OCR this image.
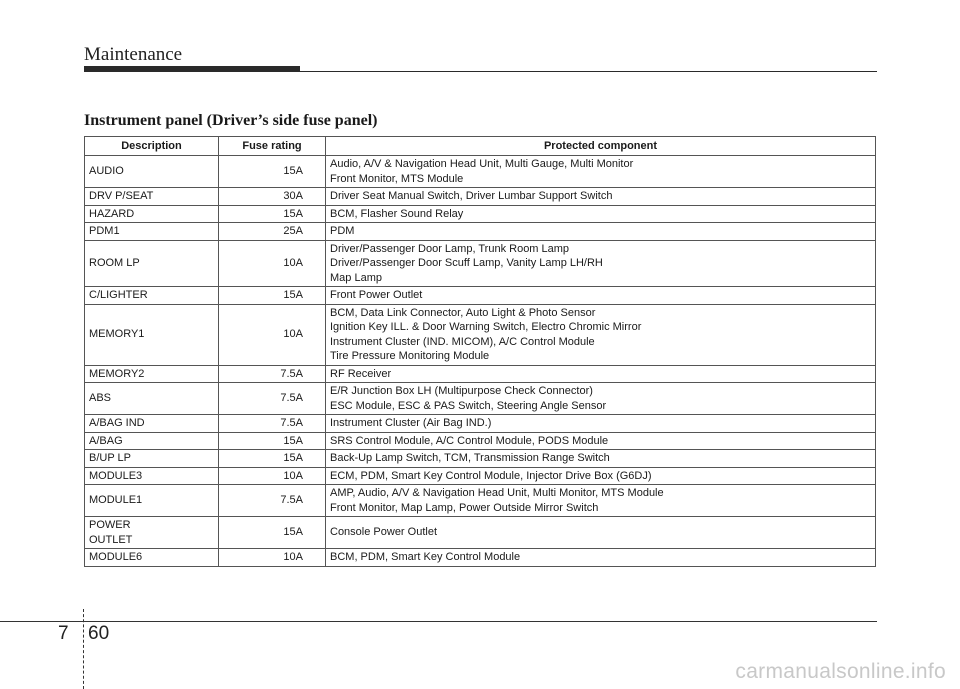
Maintenance
Instrument panel (Driver’s side fuse panel)
Description	Fuse rating	Protected component

AUDIO	15A	Audio, A/V & Navigation Head Unit, Multi Gauge, Multi Monitor
Front Monitor, MTS Module

DRV P/SEAT	30A	Driver Seat Manual Switch, Driver Lumbar Support Switch

HAZARD	15A	BCM, Flasher Sound Relay

PDM1	25A	PDM

ROOM LP	10A	Driver/Passenger Door Lamp, Trunk Room Lamp
Driver/Passenger Door Scuff Lamp, Vanity Lamp LH/RH
Map Lamp

C/LIGHTER	15A	Front Power Outlet

MEMORY1	10A	BCM, Data Link Connector, Auto Light & Photo Sensor
Ignition Key ILL. & Door Warning Switch, Electro Chromic Mirror
Instrument Cluster (IND. MICOM), A/C Control Module
Tire Pressure Monitoring Module

MEMORY2	7.5A	RF Receiver

ABS	7.5A	E/R Junction Box LH (Multipurpose Check Connector)
ESC Module, ESC & PAS Switch, Steering Angle Sensor

A/BAG IND	7.5A	Instrument Cluster (Air Bag IND.)

A/BAG	15A	SRS Control Module, A/C Control Module, PODS Module

B/UP LP	15A	Back-Up Lamp Switch, TCM, Transmission Range Switch

MODULE3	10A	ECM, PDM, Smart Key Control Module, Injector Drive Box (G6DJ)

MODULE1	7.5A	AMP, Audio, A/V & Navigation Head Unit, Multi Monitor, MTS Module
Front Monitor, Map Lamp, Power Outside Mirror Switch

POWER
OUTLET	15A	Console Power Outlet

MODULE6	10A	BCM, PDM, Smart Key Control Module
7 60
carmanualsonline.info
